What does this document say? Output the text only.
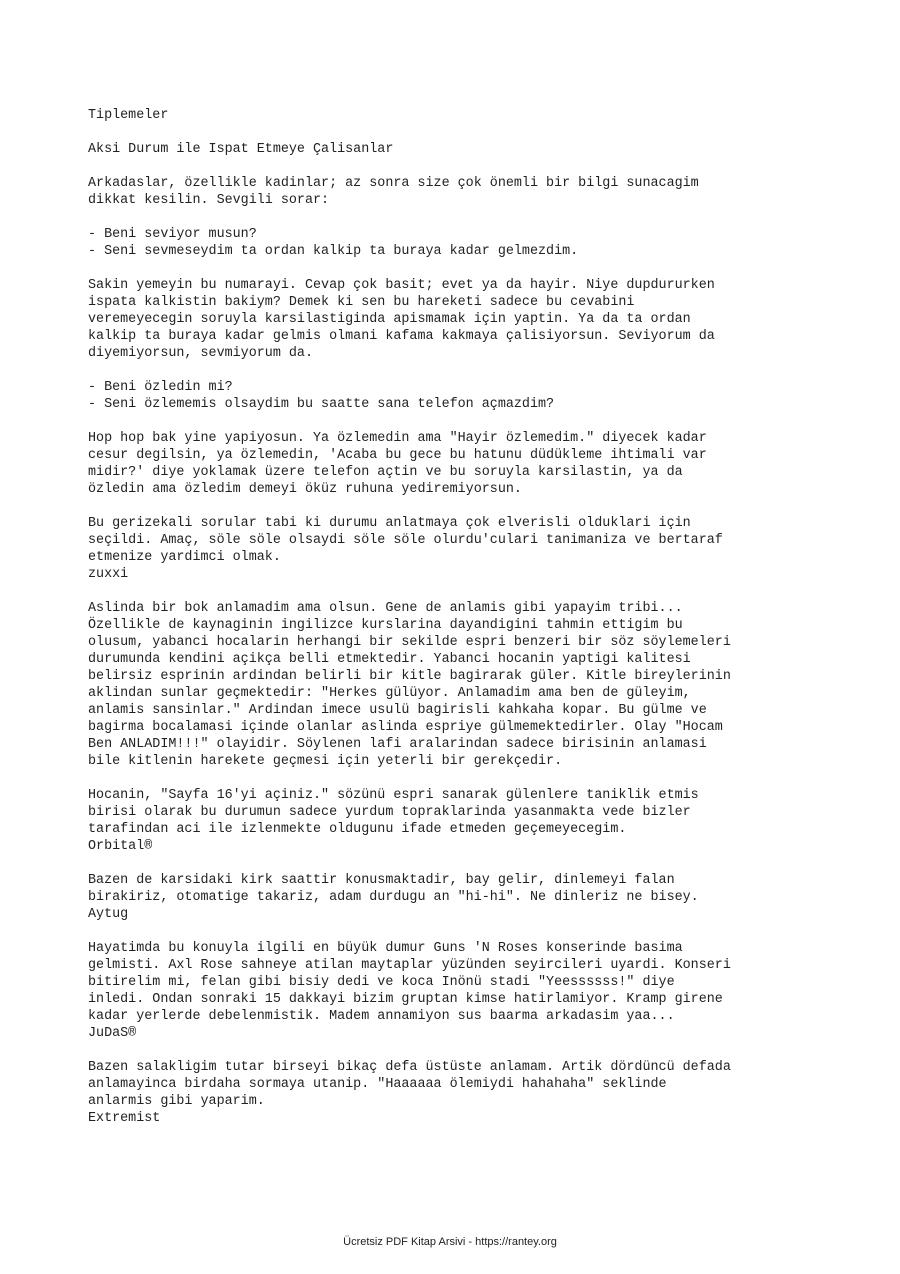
Tiplemeler
Aksi Durum ile Ispat Etmeye Çalisanlar
Arkadaslar, özellikle kadinlar; az sonra size çok önemli bir bilgi sunacagim
dikkat kesilin. Sevgili sorar:
- Beni seviyor musun?
- Seni sevmeseydim ta ordan kalkip ta buraya kadar gelmezdim.
Sakin yemeyin bu numarayi. Cevap çok basit; evet ya da hayir. Niye dupdururken
ispata kalkistin bakiym? Demek ki sen bu hareketi sadece bu cevabini
veremeyecegin soruyla karsilastiginda apismamak için yaptin. Ya da ta ordan
kalkip ta buraya kadar gelmis olmani kafama kakmaya çalisiyorsun. Seviyorum da
diyemiyorsun, sevmiyorum da.
- Beni özledin mi?
- Seni özlememis olsaydim bu saatte sana telefon açmazdim?
Hop hop bak yine yapiyosun. Ya özlemedin ama "Hayir özlemedim." diyecek kadar
cesur degilsin, ya özlemedin, 'Acaba bu gece bu hatunu düdükleme ihtimali var
midir?' diye yoklamak üzere telefon açtin ve bu soruyla karsilastin, ya da
özledin ama özledim demeyi öküz ruhuna yediremiyorsun.
Bu gerizekali sorular tabi ki durumu anlatmaya çok elverisli olduklari için
seçildi. Amaç, söle söle olsaydi söle söle olurdu'culari tanimaniza ve bertaraf
etmenize yardimci olmak.
zuxxi
Aslinda bir bok anlamadim ama olsun. Gene de anlamis gibi yapayim tribi...
Özellikle de kaynaginin ingilizce kurslarina dayandigini tahmin ettigim bu
olusum, yabanci hocalarin herhangi bir sekilde espri benzeri bir söz söylemeleri
durumunda kendini açikça belli etmektedir. Yabanci hocanin yaptigi kalitesi
belirsiz esprinin ardindan belirli bir kitle bagirarak güler. Kitle bireylerinin
aklindan sunlar geçmektedir: "Herkes gülüyor. Anlamadim ama ben de güleyim,
anlamis sansinlar." Ardindan imece usulü bagirisli kahkaha kopar. Bu gülme ve
bagirma bocalamasi içinde olanlar aslinda espriye gülmemektedirler. Olay "Hocam
Ben ANLADIM!!!" olayidir. Söylenen lafi aralarindan sadece birisinin anlamasi
bile kitlenin harekete geçmesi için yeterli bir gerekçedir.
Hocanin, "Sayfa 16'yi açiniz." sözünü espri sanarak gülenlere taniklik etmis
birisi olarak bu durumun sadece yurdum topraklarinda yasanmakta vede bizler
tarafindan aci ile izlenmekte oldugunu ifade etmeden geçemeyecegim.
Orbital®
Bazen de karsidaki kirk saattir konusmaktadir, bay gelir, dinlemeyi falan
birakiriz, otomatige takariz, adam durdugu an "hi-hi". Ne dinleriz ne bisey.
Aytug
Hayatimda bu konuyla ilgili en büyük dumur Guns 'N Roses konserinde basima
gelmisti. Axl Rose sahneye atilan maytaplar yüzünden seyircileri uyardi. Konseri
bitirelim mi, felan gibi bisiy dedi ve koca Inönü stadi "Yeessssss!" diye
inledi. Ondan sonraki 15 dakkayi bizim gruptan kimse hatirlamiyor. Kramp girene
kadar yerlerde debelenmistik. Madem annamiyon sus baarma arkadasim yaa...
JuDaS®
Bazen salakligim tutar birseyi bikaç defa üstüste anlamam. Artik dördüncü defada
anlamayinca birdaha sormaya utanip. "Haaaaaa ölemiydi hahahaha" seklinde
anlarmis gibi yaparim.
Extremist
Ücretsiz PDF Kitap Arsivi - https://rantey.org
